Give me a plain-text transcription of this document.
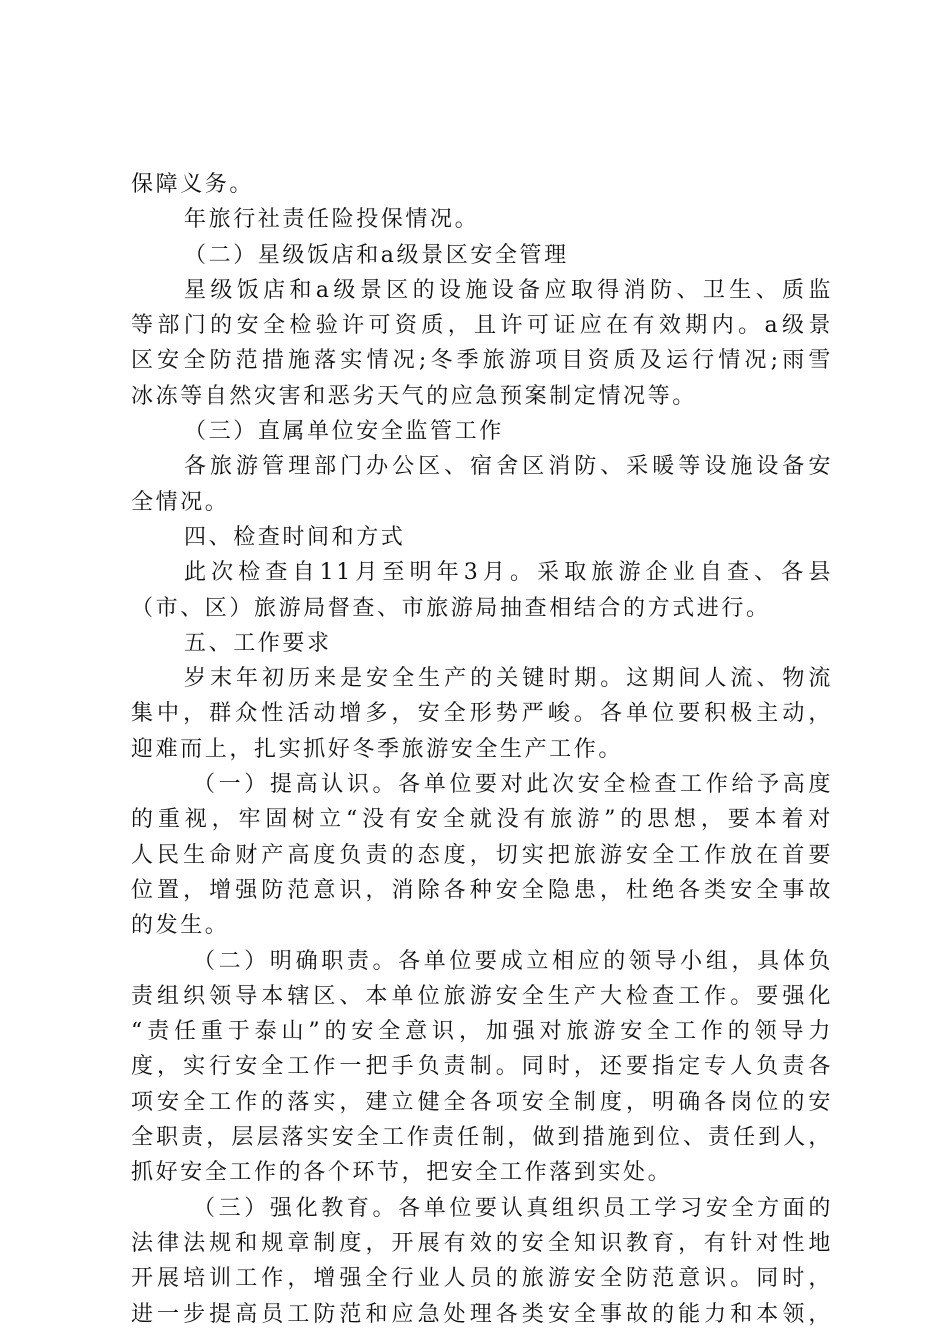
保障义务。
年旅行社责任险投保情况。
（二）星级饭店和a级景区安全管理
星级饭店和a级景区的设施设备应取得消防、卫生、质监
等部门的安全检验许可资质，且许可证应在有效期内。a级景
区安全防范措施落实情况;冬季旅游项目资质及运行情况;雨雪
冰冻等自然灾害和恶劣天气的应急预案制定情况等。
（三）直属单位安全监管工作
各旅游管理部门办公区、宿舍区消防、采暖等设施设备安
全情况。
四、检查时间和方式
此次检查自11月至明年3月。采取旅游企业自查、各县
（市、区）旅游局督查、市旅游局抽查相结合的方式进行。
五、工作要求
岁末年初历来是安全生产的关键时期。这期间人流、物流
集中，群众性活动增多，安全形势严峻。各单位要积极主动，
迎难而上，扎实抓好冬季旅游安全生产工作。
（一）提高认识。各单位要对此次安全检查工作给予高度
的重视，牢固树立“没有安全就没有旅游”的思想，要本着对
人民生命财产高度负责的态度，切实把旅游安全工作放在首要
位置，增强防范意识，消除各种安全隐患，杜绝各类安全事故
的发生。
（二）明确职责。各单位要成立相应的领导小组，具体负
责组织领导本辖区、本单位旅游安全生产大检查工作。要强化
“责任重于泰山”的安全意识，加强对旅游安全工作的领导力
度，实行安全工作一把手负责制。同时，还要指定专人负责各
项安全工作的落实，建立健全各项安全制度，明确各岗位的安
全职责，层层落实安全工作责任制，做到措施到位、责任到人，
抓好安全工作的各个环节，把安全工作落到实处。
（三）强化教育。各单位要认真组织员工学习安全方面的
法律法规和规章制度，开展有效的安全知识教育，有针对性地
开展培训工作，增强全行业人员的旅游安全防范意识。同时，
进一步提高员工防范和应急处理各类安全事故的能力和本领，
